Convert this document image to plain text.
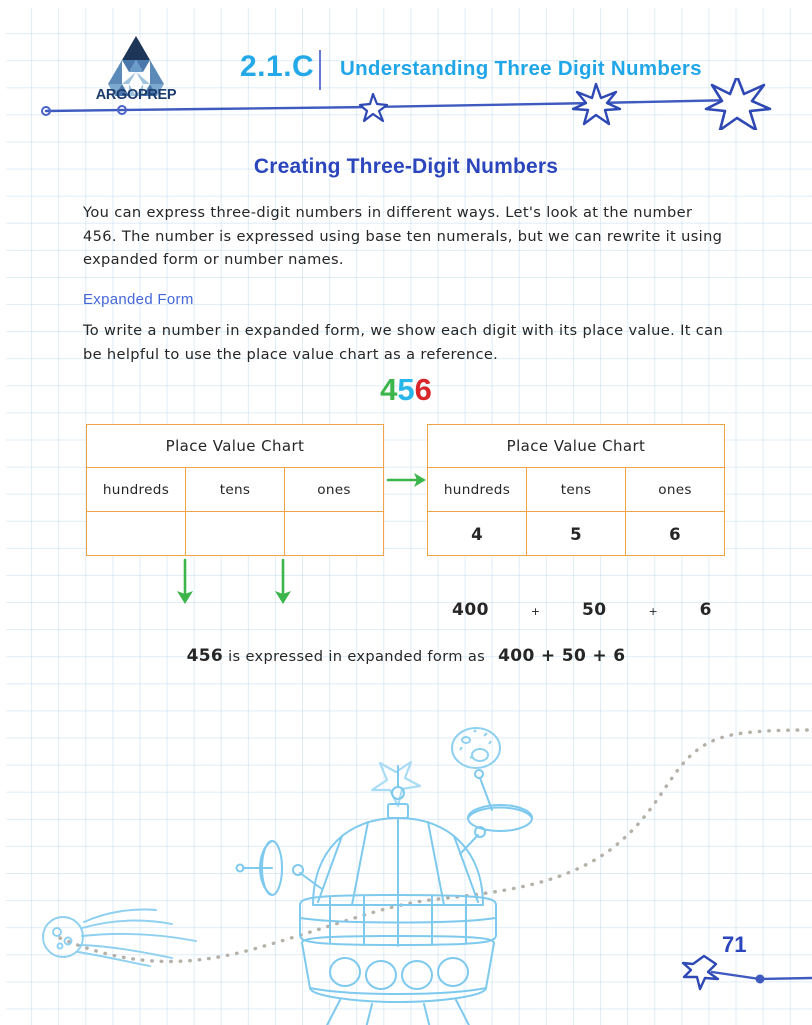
ARGOPREP
2.1.C Understanding Three Digit Numbers
Creating Three-Digit Numbers
You can express three-digit numbers in different ways. Let's look at the number 456. The number is expressed using base ten numerals, but we can rewrite it using expanded form or number names.
Expanded Form
To write a number in expanded form, we show each digit with its place value. It can be helpful to use the place value chart as a reference.
456
Place Value Chart
hundreds	tens	ones
Place Value Chart
hundreds	tens	ones
4	5	6
400	+ 50	+ 6
456 is expressed in expanded form as 400 + 50 + 6
71
